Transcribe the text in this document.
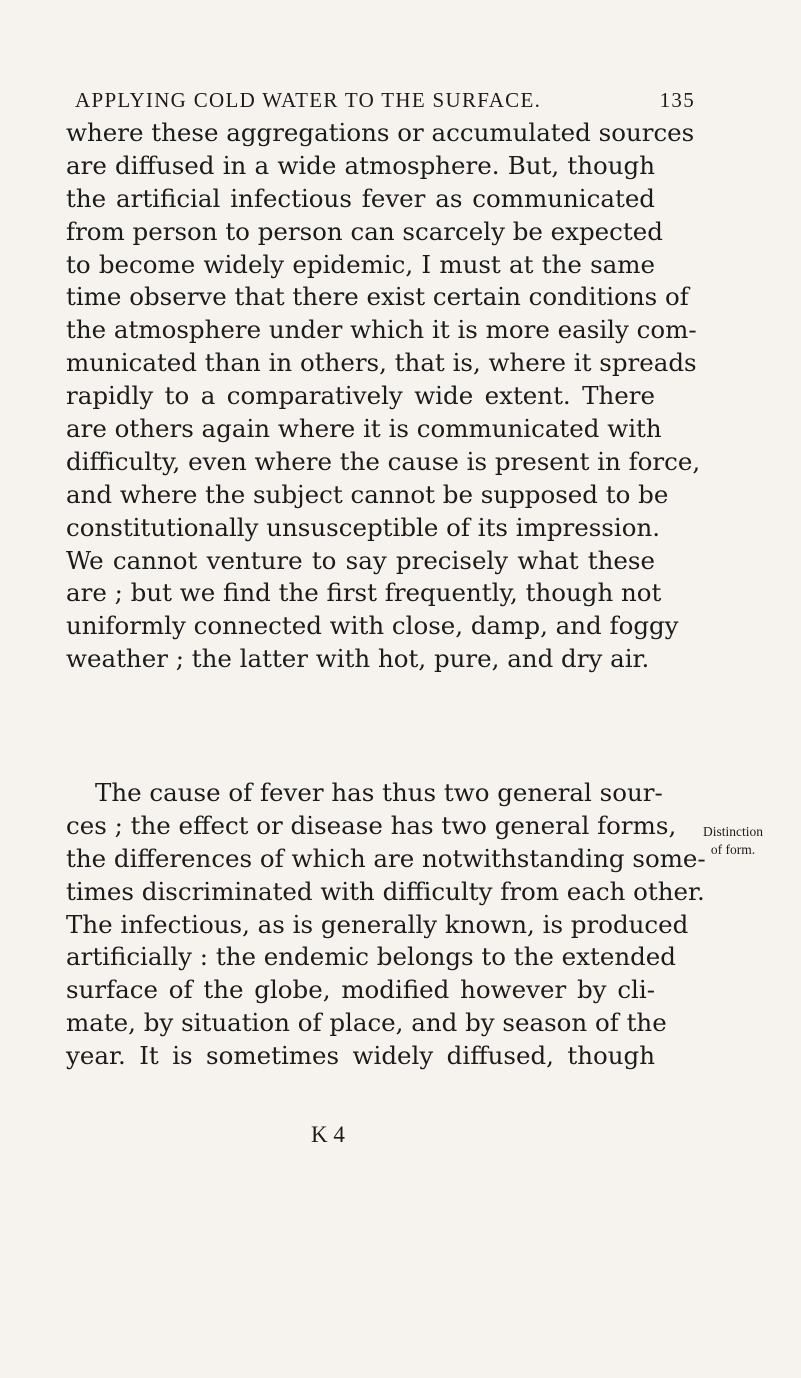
APPLYING COLD WATER TO THE SURFACE.	135
where these aggregations or accumulated sources
are diffused in a wide atmosphere. But, though
the artificial infectious fever as communicated
from person to person can scarcely be expected
to become widely epidemic, I must at the same
time observe that there exist certain conditions of
the atmosphere under which it is more easily com-
municated than in others, that is, where it spreads
rapidly to a comparatively wide extent. There
are others again where it is communicated with
difficulty, even where the cause is present in force,
and where the subject cannot be supposed to be
constitutionally unsusceptible of its impression.
We cannot venture to say precisely what these
are ; but we find the first frequently, though not
uniformly connected with close, damp, and foggy
weather ; the latter with hot, pure, and dry air.
The cause of fever has thus two general sour-
ces ; the effect or disease has two general forms,
the differences of which are notwithstanding some-
times discriminated with difficulty from each other.
The infectious, as is generally known, is produced
artificially : the endemic belongs to the extended
surface of the globe, modified however by cli-
mate, by situation of place, and by season of the
year. It is sometimes widely diffused, though
Distinction
of form.
K 4
